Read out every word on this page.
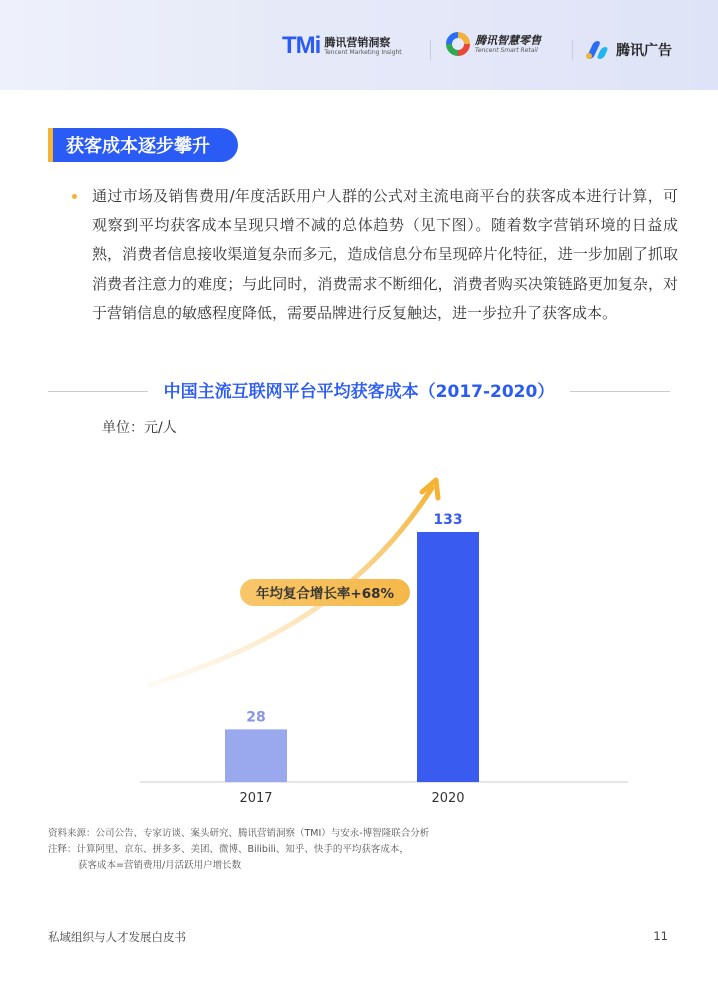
TMi 腾讯营销洞察
Tencent Marketing Insight
腾讯智慧零售
Tencent Smart Retail	腾讯广告
获客成本逐步攀升
通过市场及销售费用/年度活跃用户人群的公式对主流电商平台的获客成本进行计算，可观察到平均获客成本呈现只增不减的总体趋势（见下图）。随着数字营销环境的日益成熟，消费者信息接收渠道复杂而多元，造成信息分布呈现碎片化特征，进一步加剧了抓取消费者注意力的难度；与此同时，消费需求不断细化，消费者购买决策链路更加复杂，对于营销信息的敏感程度降低，需要品牌进行反复触达，进一步拉升了获客成本。
中国主流互联网平台平均获客成本（2017-2020）
单位：元/人
28
2017
133
2020
年均复合增长率+68%
资料来源：公司公告、专家访谈、案头研究、腾讯营销洞察（TMI）与安永-博智隆联合分析
注释：计算阿里、京东、拼多多、美团、微博、Bilibili、知乎、快手的平均获客成本，
获客成本=营销费用/月活跃用户增长数
私域组织与人才发展白皮书	11
